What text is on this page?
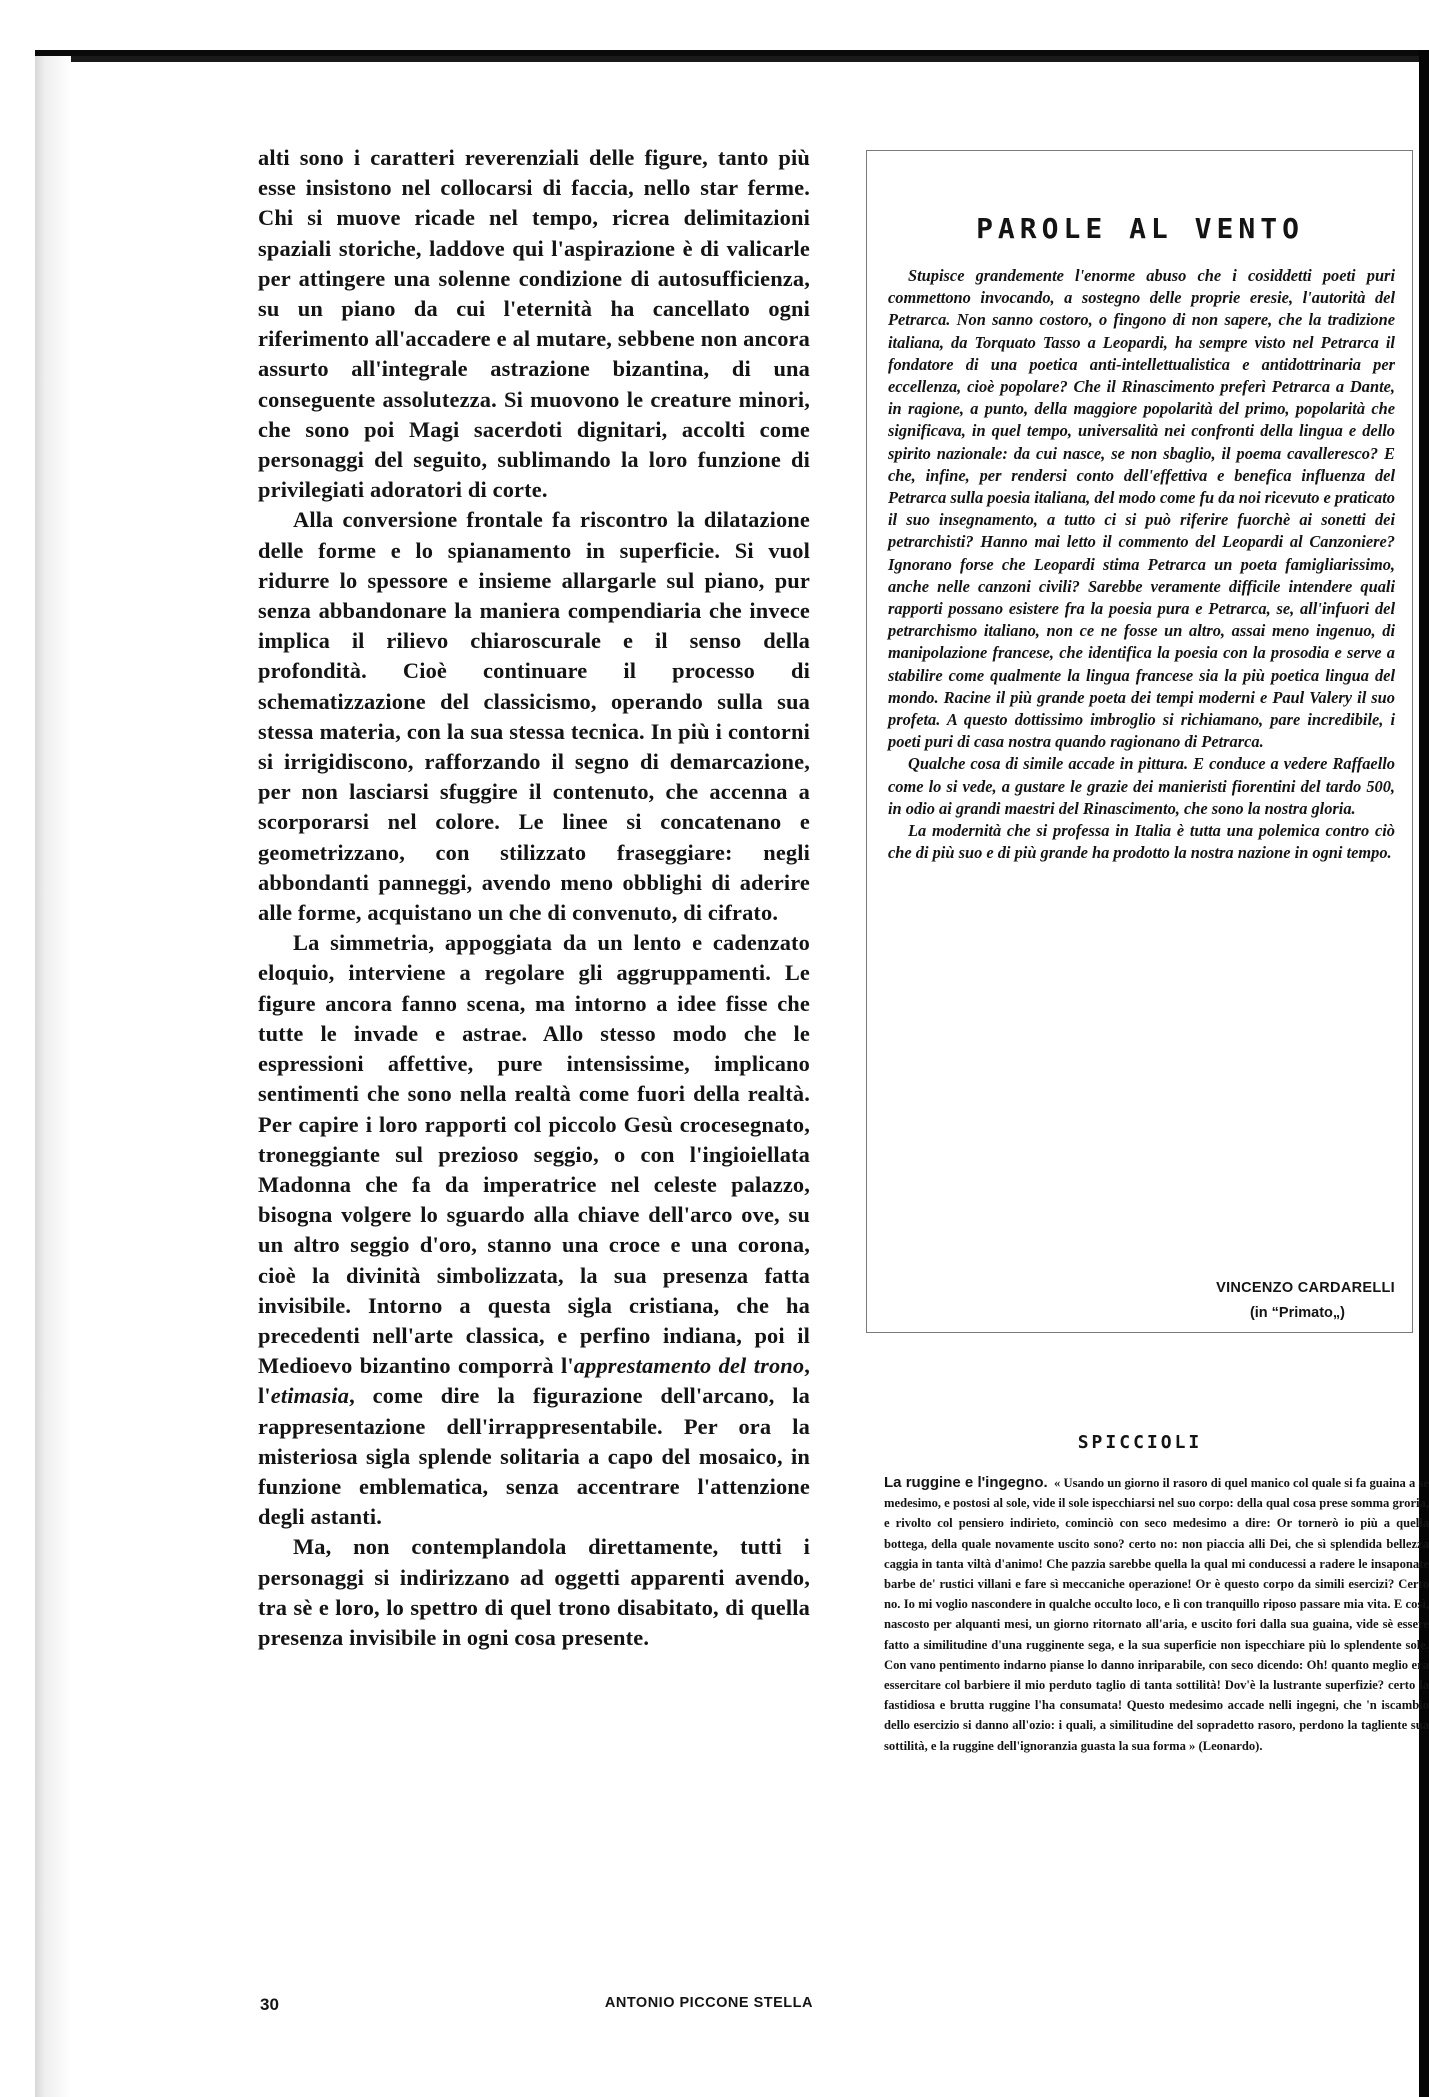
alti sono i caratteri reverenziali delle figure, tanto più esse insistono nel collocarsi di faccia, nello star ferme. Chi si muove ricade nel tempo, ricrea delimitazioni spaziali storiche, laddove qui l'aspirazione è di valicarle per attingere una solenne condizione di autosufficienza, su un piano da cui l'eternità ha cancellato ogni riferimento all'accadere e al mutare, sebbene non ancora assurto all'integrale astrazione bizantina, di una conseguente assolutezza. Si muovono le creature minori, che sono poi Magi sacerdoti dignitari, accolti come personaggi del seguito, sublimando la loro funzione di privilegiati adoratori di corte.

Alla conversione frontale fa riscontro la dilatazione delle forme e lo spianamento in superficie. Si vuol ridurre lo spessore e insieme allargarle sul piano, pur senza abbandonare la maniera compendiaria che invece implica il rilievo chiaroscurale e il senso della profondità. Cioè continuare il processo di schematizzazione del classicismo, operando sulla sua stessa materia, con la sua stessa tecnica. In più i contorni si irrigidiscono, rafforzando il segno di demarcazione, per non lasciarsi sfuggire il contenuto, che accenna a scorporarsi nel colore. Le linee si concatenano e geometrizzano, con stilizzato fraseggiare: negli abbondanti panneggi, avendo meno obblighi di aderire alle forme, acquistano un che di convenuto, di cifrato.

La simmetria, appoggiata da un lento e cadenzato eloquio, interviene a regolare gli aggruppamenti. Le figure ancora fanno scena, ma intorno a idee fisse che tutte le invade e astrae. Allo stesso modo che le espressioni affettive, pure intensissime, implicano sentimenti che sono nella realtà come fuori della realtà. Per capire i loro rapporti col piccolo Gesù crocesegnato, troneggiante sul prezioso seggio, o con l'ingioiellata Madonna che fa da imperatrice nel celeste palazzo, bisogna volgere lo sguardo alla chiave dell'arco ove, su un altro seggio d'oro, stanno una croce e una corona, cioè la divinità simbolizzata, la sua presenza fatta invisibile. Intorno a questa sigla cristiana, che ha precedenti nell'arte classica, e perfino indiana, poi il Medioevo bizantino comporrà l'apprestamento del trono, l'etimasia, come dire la figurazione dell'arcano, la rappresentazione dell'irrappresentabile. Per ora la misteriosa sigla splende solitaria a capo del mosaico, in funzione emblematica, senza accentrare l'attenzione degli astanti.

Ma, non contemplandola direttamente, tutti i personaggi si indirizzano ad oggetti apparenti avendo, tra sè e loro, lo spettro di quel trono disabitato, di quella presenza invisibile in ogni cosa presente.

ANTONIO PICCONE STELLA
30
PAROLE AL VENTO

Stupisce grandemente l'enorme abuso che i cosiddetti poeti puri commettono invocando, a sostegno delle proprie eresie, l'autorità del Petrarca. Non sanno costoro, o fingono di non sapere, che la tradizione italiana, da Torquato Tasso a Leopardi, ha sempre visto nel Petrarca il fondatore di una poetica anti-intellettualistica e antidottrinaria per eccellenza, cioè popolare? Che il Rinascimento preferì Petrarca a Dante, in ragione, a punto, della maggiore popolarità del primo, popolarità che significava, in quel tempo, universalità nei confronti della lingua e dello spirito nazionale: da cui nasce, se non sbaglio, il poema cavalleresco? E che, infine, per rendersi conto dell'effettiva e benefica influenza del Petrarca sulla poesia italiana, del modo come fu da noi ricevuto e praticato il suo insegnamento, a tutto ci si può riferire fuorchè ai sonetti dei petrarchisti? Hanno mai letto il commento del Leopardi al Canzoniere? Ignorano forse che Leopardi stima Petrarca un poeta famigliarissimo, anche nelle canzoni civili? Sarebbe veramente difficile intendere quali rapporti possano esistere fra la poesia pura e Petrarca, se, all'infuori del petrarchismo italiano, non ce ne fosse un altro, assai meno ingenuo, di manipolazione francese, che identifica la poesia con la prosodia e serve a stabilire come qualmente la lingua francese sia la più poetica lingua del mondo. Racine il più grande poeta dei tempi moderni e Paul Valery il suo profeta. A questo dottissimo imbroglio si richiamano, pare incredibile, i poeti puri di casa nostra quando ragionano di Petrarca.

Qualche cosa di simile accade in pittura. E conduce a vedere Raffaello come lo si vede, a gustare le grazie dei manieristi fiorentini del tardo 500, in odio ai grandi maestri del Rinascimento, che sono la nostra gloria.

La modernità che si professa in Italia è tutta una polemica contro ciò che di più suo e di più grande ha prodotto la nostra nazione in ogni tempo.

VINCENZO CARDARELLI
(in “Primato„)
SPICCIOLI

La ruggine e l'ingegno. « Usando un giorno il rasoro di quel manico col quale si fa guaina a se medesimo, e postosi al sole, vide il sole ispecchiarsi nel suo corpo: della qual cosa prese somma groria, e rivolto col pensiero indirieto, cominciò con seco medesimo a dire: Or tornerò io più a quella bottega, della quale novamente uscito sono? certo no: non piaccia alli Dei, che sì splendida bellezza caggia in tanta viltà d'animo! Che pazzia sarebbe quella la qual mi conducessi a radere le insaponate barbe de' rustici villani e fare sì meccaniche operazione! Or è questo corpo da simili esercizi? Certo no. Io mi voglio nascondere in qualche occulto loco, e lì con tranquillo riposo passare mia vita. E così, nascosto per alquanti mesi, un giorno ritornato all'aria, e uscito fori dalla sua guaina, vide sè essere fatto a similitudine d'una rugginente sega, e la sua superficie non ispecchiare più lo splendente sole. Con vano pentimento indarno pianse lo danno inriparabile, con seco dicendo: Oh! quanto meglio era essercitare col barbiere il mio perduto taglio di tanta sottilità! Dov'è la lustrante superfizie? certo la fastidiosa e brutta ruggine l'ha consumata! Questo medesimo accade nelli ingegni, che 'n iscambio dello esercizio si danno all'ozio: i quali, a similitudine del sopradetto rasoro, perdono la tagliente sua sottilità, e la ruggine dell'ignoranzia guasta la sua forma » (Leonardo).
